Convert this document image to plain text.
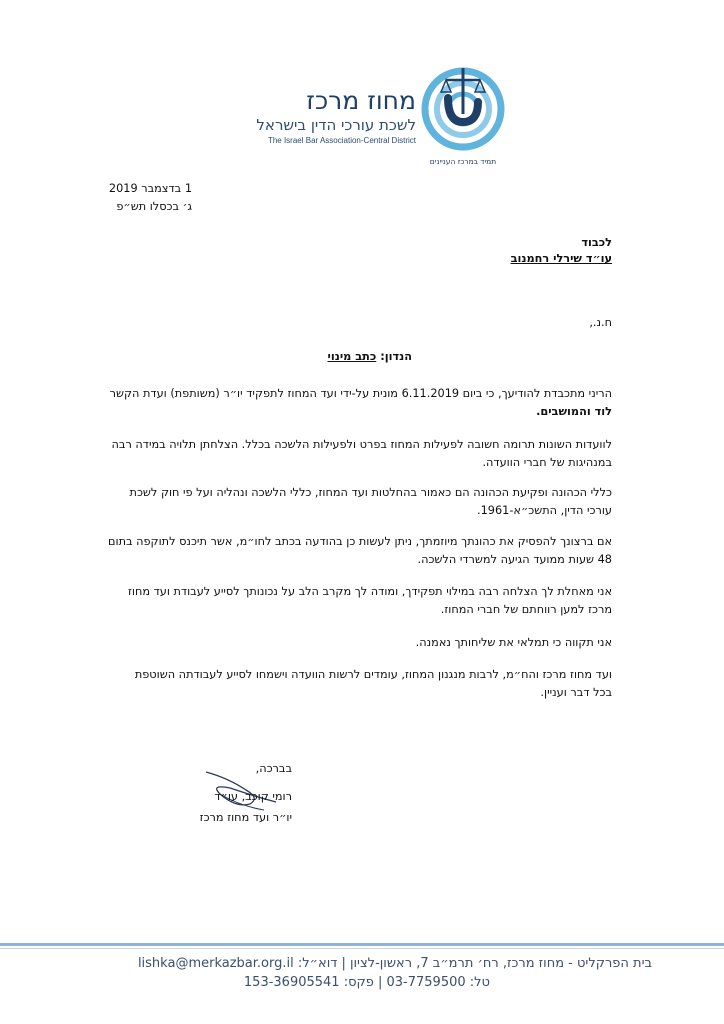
מחוז מרכז
לשכת עורכי הדין בישראל
The Israel Bar Association-Central District
תמיד במרכז העניינים
1 בדצמבר 2019
ג׳ בכסלו תש״פ
לכבוד
עו״ד שירלי רחמנוב
ח.נ.,
הנדון: כתב מינוי
הריני מתכבדת להודיעך, כי ביום 6.11.2019 מונית על-ידי ועד המחוז לתפקיד יו״ר (משותפת) ועדת הקשר
לוד והמושבים.
לוועדות השונות תרומה חשובה לפעילות המחוז בפרט ולפעילות הלשכה בכלל. הצלחתן תלויה במידה רבה
במנהיגות של חברי הוועדה.
כללי הכהונה ופקיעת הכהונה הם כאמור בהחלטות ועד המחוז, כללי הלשכה ונהליה ועל פי חוק לשכת
עורכי הדין, התשכ״א-1961.
אם ברצונך להפסיק את כהונתך מיוזמתך, ניתן לעשות כן בהודעה בכתב לחו״מ, אשר תיכנס לתוקפה בתום
48 שעות ממועד הגיעה למשרדי הלשכה.
אני מאחלת לך הצלחה רבה במילוי תפקידך, ומודה לך מקרב הלב על נכונותך לסייע לעבודת ועד מחוז
מרכז למען רווחתם של חברי המחוז.
אני תקווה כי תמלאי את שליחותך נאמנה.
ועד מחוז מרכז והח״מ, לרבות מנגנון המחוז, עומדים לרשות הוועדה וישמחו לסייע לעבודתה השוטפת
בכל דבר ועניין.
בברכה,
רומי קוכב, עו״ד
יו״ר ועד מחוז מרכז
בית הפרקליט - מחוז מרכז, רח׳ תרמ״ב 7, ראשון-לציון | דוא״ל: lishka@merkazbar.org.il
טל: 03-7759500 | פקס: 153-36905541
